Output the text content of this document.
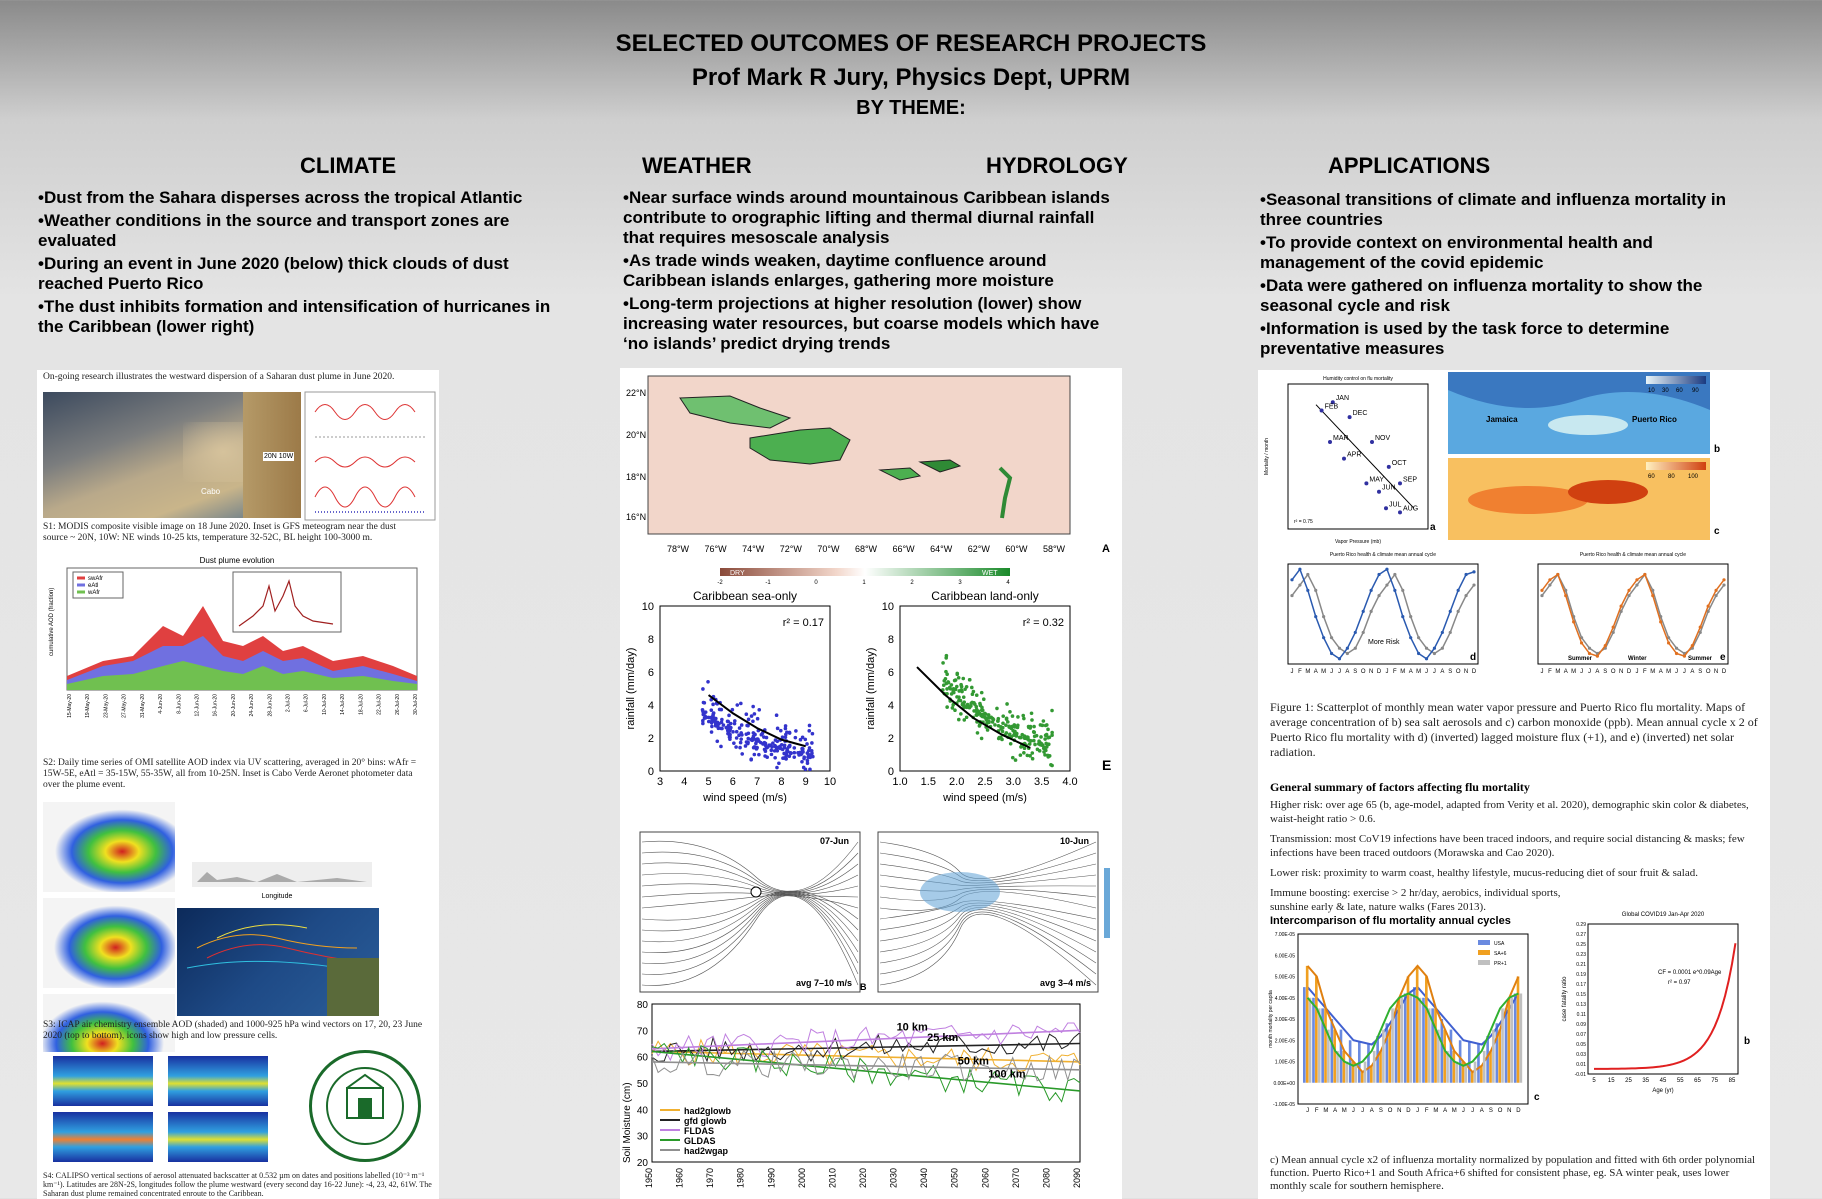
SELECTED OUTCOMES OF RESEARCH PROJECTS
Prof Mark R Jury, Physics Dept, UPRM
BY THEME:
CLIMATE	WEATHER	HYDROLOGY	APPLICATIONS
•Dust from the Sahara disperses across the tropical Atlantic
•Weather conditions in the source and transport zones are evaluated
•During an event in June 2020 (below) thick clouds of dust reached Puerto Rico
•The dust inhibits formation and intensification of hurricanes in the Caribbean (lower right)
•Near surface winds around mountainous Caribbean islands contribute to orographic lifting and thermal diurnal rainfall that requires mesoscale analysis
•As trade winds weaken, daytime confluence around Caribbean islands enlarges, gathering more moisture
•Long-term projections at higher resolution (lower) show increasing water resources, but coarse models which have ‘no islands’ predict drying trends
•Seasonal transitions of climate and influenza mortality in three countries
•To provide context on environmental health and management of the covid epidemic
•Data were gathered on influenza mortality to show the seasonal cycle and risk
•Information is used by the task force to determine preventative measures
On-going research illustrates the westward dispersion of a Saharan dust plume in June 2020.
Cabo
20N 10W
S1: MODIS composite visible image on 18 June 2020. Inset is GFS meteogram near the dust source ~ 20N, 10W: NE winds 10-25 kts, temperature 32-52C, BL height 100-3000 m.
Dust plume evolution
swAfr
eAtl
wAfr
cumulative AOD (fraction)
15-May-20 19-May-20 23-May-20 27-May-20 31-May-20 4-Jun-20 8-Jun-20 12-Jun-20 16-Jun-20 20-Jun-20 24-Jun-20 28-Jun-20 2-Jul-20 6-Jul-20 10-Jul-20 14-Jul-20 18-Jul-20 22-Jul-20 26-Jul-20 30-Jul-20
S2: Daily time series of OMI satellite AOD index via UV scattering, averaged in 20° bins: wAfr = 15W-5E, eAtl = 35-15W, 55-35W, all from 10-25N. Inset is Cabo Verde Aeronet photometer data over the plume event.
Longitude
S3: ICAP air chemistry ensemble AOD (shaded) and 1000-925 hPa wind vectors on 17, 20, 23 June 2020 (top to bottom), icons show high and low pressure cells.
S4: CALIPSO vertical sections of aerosol attenuated backscatter at 0.532 µm on dates and positions labelled (10⁻³ m⁻¹ km⁻¹). Latitudes are 28N-2S, longitudes follow the plume westward (every second day 16-22 June): -4, 23, 42, 61W. The Saharan dust plume remained concentrated enroute to the Caribbean.
22°N
20°N
18°N
16°N
78°W 76°W 74°W 72°W 70°W 68°W 66°W 64°W 62°W 60°W 58°W	A
DRY	WET
-2	-1	0	1	2	3	4
Caribbean sea-only
r² = 0.17
3 4 5 6 7 8 9 10
0
2
4
6
8
10
wind speed (m/s)
rainfall (mm/day)
Caribbean land-only
r² = 0.32
1.0 1.5 2.0 2.5 3.0 3.5 4.0
0
2
4
6
8
10
wind speed (m/s)
rainfall (mm/day)
E
07-Jun	10-Jun
avg 7–10 m/s	avg 3–4 m/s
B
20
30
40
50
60
70
80
1950 1960 1970 1980 1990 2000 2010 2020 2030 2040 2050 2060 2070 2080 2090
Soil Moisture (cm)
10 km
25 km
50 km
100 km
had2glowb
gfd glowb
FLDAS
GLDAS
had2wgap
Humidity control on flu mortality
Vapor Pressure (mb)
Mortality / month
JAN
FEB
DEC
MAR	NOV
APR
OCT
MAY	SEP
JUN
JUL
AUG
r² = 0.75
Jamaica	Puerto Rico
10 30 60 90
b
60 80 100
c
a
Puerto Rico health & climate mean annual cycle
J F M A M J J A S O N D J F M A M J J A S O N D
d
More Risk
Puerto Rico health & climate mean annual cycle
J F M A M J J A S O N D J F M A M J J A S O N D
e
Summer	Winter	Summer
Figure 1: Scatterplot of monthly mean water vapor pressure and Puerto Rico flu mortality. Maps of average concentration of b) sea salt aerosols and c) carbon monoxide (ppb). Mean annual cycle x 2 of Puerto Rico flu mortality with d) (inverted) lagged moisture flux (+1), and e) (inverted) net solar radiation.
General summary of factors affecting flu mortality
Higher risk: over age 65 (b, age-model, adapted from Verity et al. 2020), demographic skin color & diabetes, waist-height ratio > 0.6.
Transmission: most CoV19 infections have been traced indoors, and require social distancing & masks; few infections have been traced outdoors (Morawska and Cao 2020).
Lower risk: proximity to warm coast, healthy lifestyle, mucus-reducing diet of sour fruit & salad.
Immune boosting: exercise > 2 hr/day, aerobics, individual sports, sunshine early & late, nature walks (Fares 2013).
Intercomparison of flu mortality annual cycles
-1.00E-05
0.00E+00
1.00E-05
2.00E-05
3.00E-05
4.00E-05
5.00E-05
6.00E-05
7.00E-05
month mortality per capita
USA
SA+6
PR+1
J F M A M J J A S O N D J F M A M J J A S O N D
c
Global COVID19 Jan-Apr 2020
-0.01
0.01
0.03
0.05
0.07
0.09
0.11
0.13
0.15
0.17
0.19
0.21
0.23
0.25
0.27
0.29
5 15 25 35 45 55 65 75 85
Age (yr)
case fatality ratio
CF = 0.0001 e^0.09Age
r² = 0.97
b
c) Mean annual cycle x2 of influenza mortality normalized by population and fitted with 6th order polynomial function. Puerto Rico+1 and South Africa+6 shifted for consistent phase, eg. SA winter peak, uses lower monthly scale for southern hemisphere.
